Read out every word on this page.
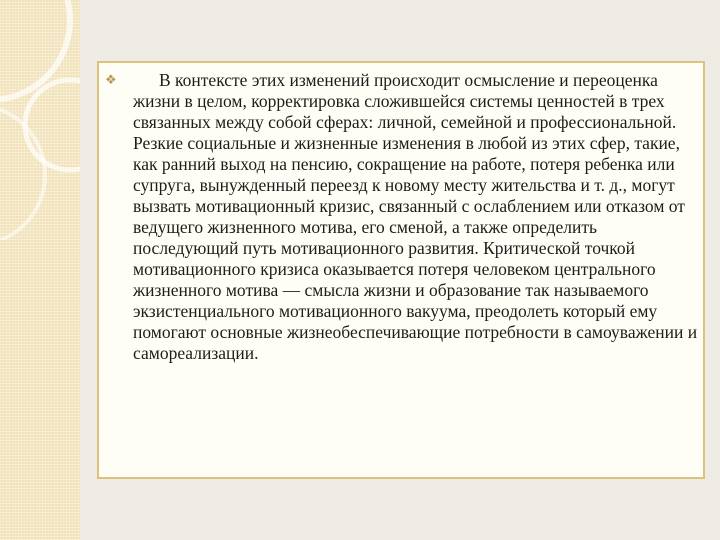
❖	В контексте этих изменений происходит осмысление и переоценка жизни в целом, корректировка сложившейся системы ценностей в трех связанных между собой сферах: личной, семейной и профессиональной. Резкие социальные и жизненные изменения в любой из этих сфер, такие, как ранний выход на пенсию, сокращение на работе, потеря ребенка или супруга, вынужденный переезд к новому месту жительства и т. д., могут вызвать мотивационный кризис, связанный с ослаблением или отказом от ведущего жизненного мотива, его сменой, а также определить последующий путь мотивационного развития. Критической точкой мотивационного кризиса оказывается потеря человеком центрального жизненного мотива — смысла жизни и образование так называемого экзистенциального мотивационного вакуума, преодолеть который ему помогают основные жизнеобеспечивающие потребности в самоуважении и самореализации.
